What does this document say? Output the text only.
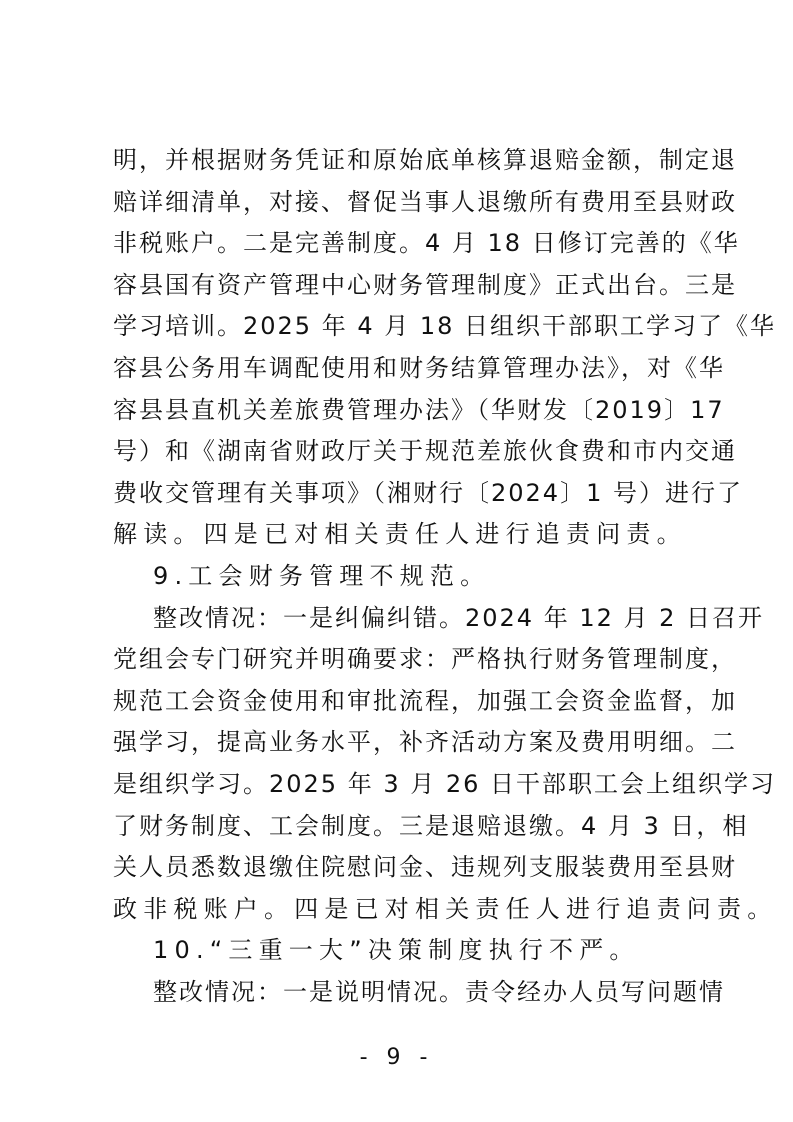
明，并根据财务凭证和原始底单核算退赔金额，制定退
赔详细清单，对接、督促当事人退缴所有费用至县财政
非税账户。二是完善制度。4 月 18 日修订完善的《华
容县国有资产管理中心财务管理制度》正式出台。三是
学习培训。2025 年 4 月 18 日组织干部职工学习了《华
容县公务用车调配使用和财务结算管理办法》，对《华
容县县直机关差旅费管理办法》（华财发〔2019〕17
号）和《湖南省财政厅关于规范差旅伙食费和市内交通
费收交管理有关事项》（湘财行〔2024〕1 号）进行了
解读。四是已对相关责任人进行追责问责。
9.工会财务管理不规范。
整改情况：一是纠偏纠错。2024 年 12 月 2 日召开
党组会专门研究并明确要求：严格执行财务管理制度，
规范工会资金使用和审批流程，加强工会资金监督，加
强学习，提高业务水平，补齐活动方案及费用明细。二
是组织学习。2025 年 3 月 26 日干部职工会上组织学习
了财务制度、工会制度。三是退赔退缴。4 月 3 日，相
关人员悉数退缴住院慰问金、违规列支服装费用至县财
政非税账户。四是已对相关责任人进行追责问责。
10.“三重一大”决策制度执行不严。
整改情况：一是说明情况。责令经办人员写问题情
- 9 -
